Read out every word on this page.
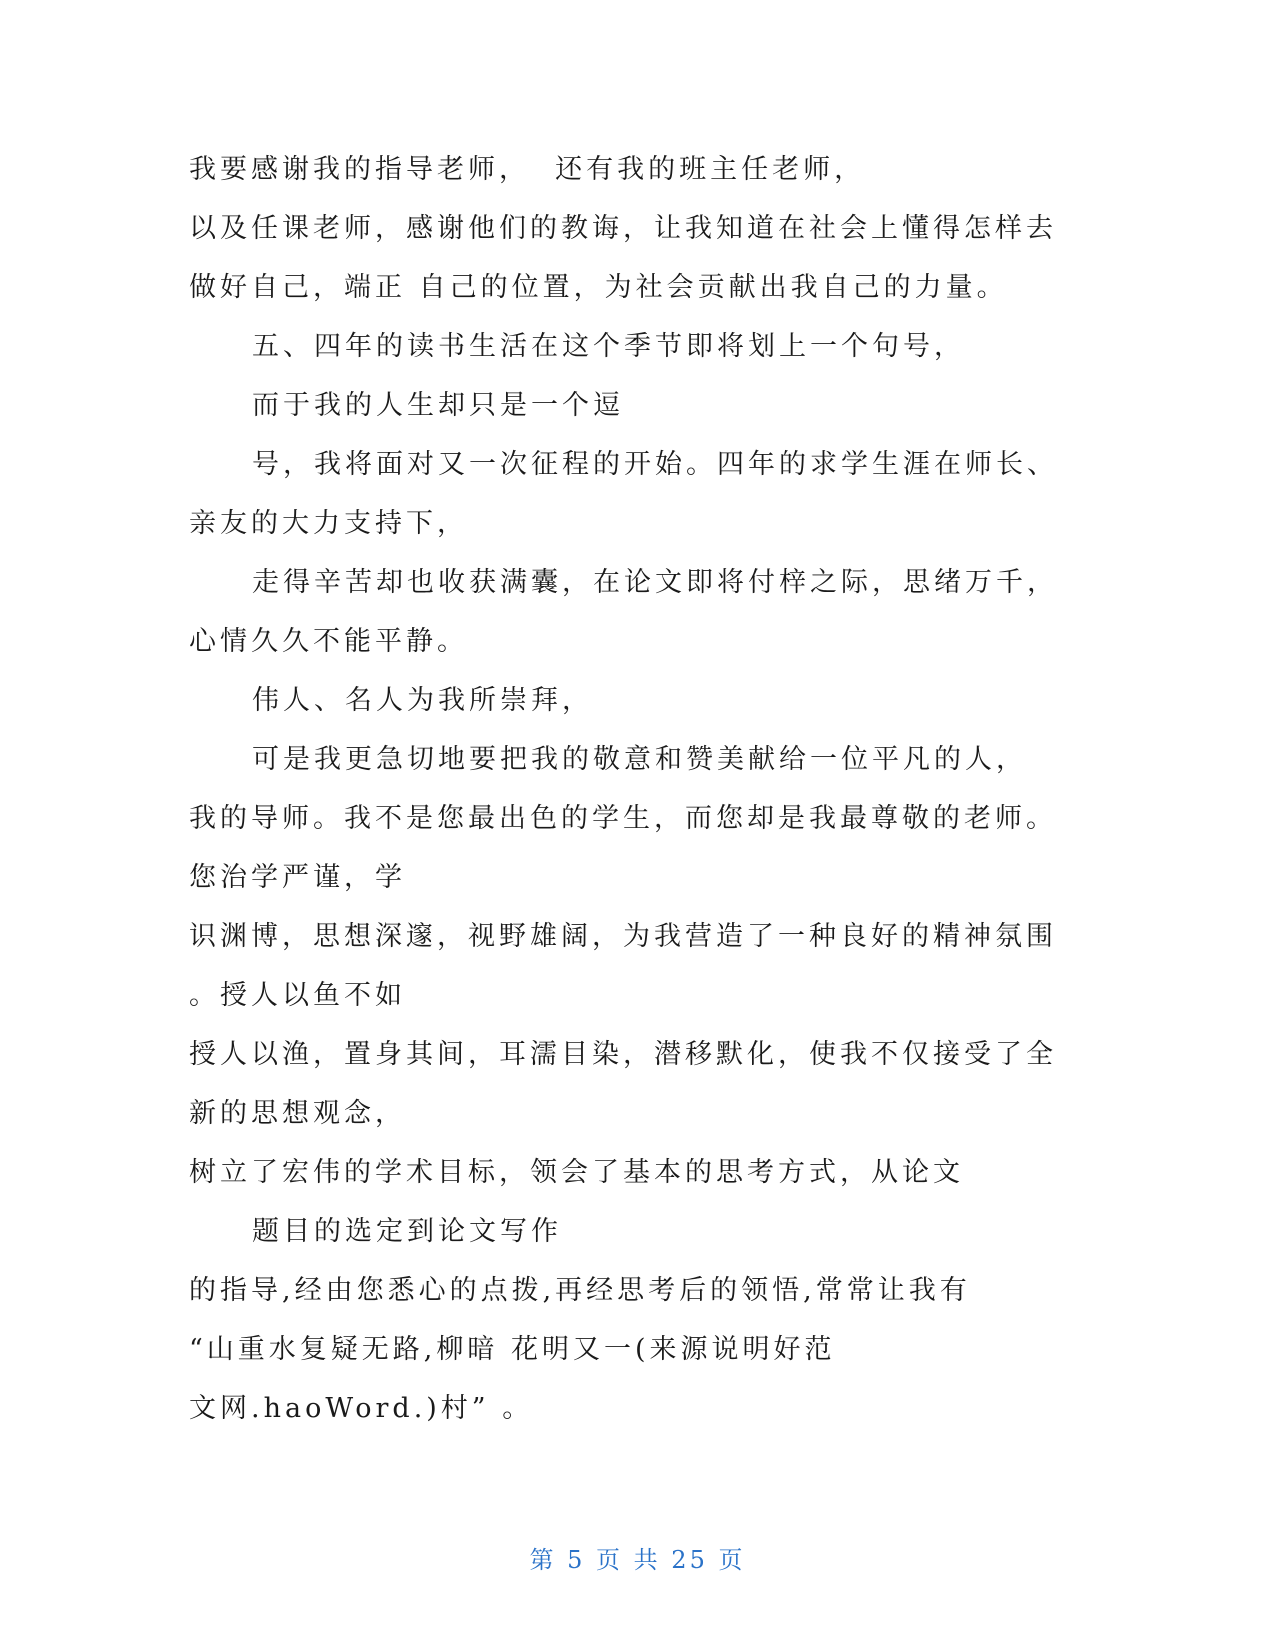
我要感谢我的指导老师，  还有我的班主任老师，
以及任课老师，感谢他们的教诲，让我知道在社会上懂得怎样去
做好自己，端正 自己的位置，为社会贡献出我自己的力量。
五、四年的读书生活在这个季节即将划上一个句号，
而于我的人生却只是一个逗
号，我将面对又一次征程的开始。四年的求学生涯在师长、
亲友的大力支持下，
走得辛苦却也收获满囊，在论文即将付梓之际，思绪万千，
心情久久不能平静。
伟人、名人为我所崇拜，
可是我更急切地要把我的敬意和赞美献给一位平凡的人，
我的导师。我不是您最出色的学生，而您却是我最尊敬的老师。
您治学严谨，学
识渊博，思想深邃，视野雄阔，为我营造了一种良好的精神氛围
。授人以鱼不如
授人以渔，置身其间，耳濡目染，潜移默化，使我不仅接受了全
新的思想观念，
树立了宏伟的学术目标，领会了基本的思考方式，从论文
题目的选定到论文写作
的指导,经由您悉心的点拨,再经思考后的领悟,常常让我有
“山重水复疑无路,柳暗 花明又一(来源说明好范
文网.haoWord.)村” 。
第 5 页 共 25 页
